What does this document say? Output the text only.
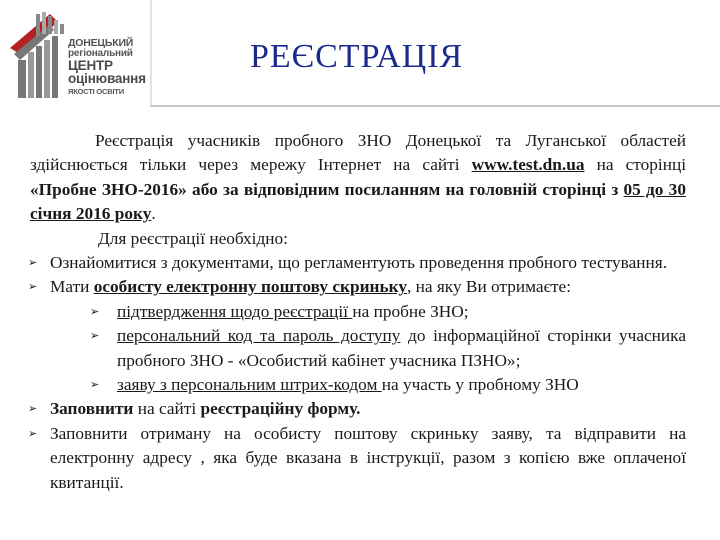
ДОНЕЦЬКИЙ
регіональний
ЦЕНТР
оцінювання
ЯКОСТІ ОСВІТИ
РЕЄСТРАЦІЯ
Реєстрація учасників пробного ЗНО Донецької та Луганської областей здійснюється тільки через мережу Інтернет на сайті www.test.dn.ua на сторінці «Пробне ЗНО-2016» або за відповідним посиланням на головній сторінці з 05 до 30 січня 2016 року.
Для реєстрації необхідно:
➢ Ознайомитися з документами, що регламентують проведення пробного тестування.
➢ Мати особисту електронну поштову скриньку, на яку Ви отримаєте:
➢ підтвердження щодо реєстрації на пробне ЗНО;
➢ персональний код та пароль доступу до інформаційної сторінки учасника пробного ЗНО - «Особистий кабінет учасника ПЗНО»;
➢ заяву з персональним штрих-кодом на участь у пробному ЗНО
➢ Заповнити на сайті реєстраційну форму.
➢ Заповнити отриману на особисту поштову скриньку заяву, та відправити на електронну адресу , яка буде вказана в інструкції, разом з копією вже оплаченої квитанції.
